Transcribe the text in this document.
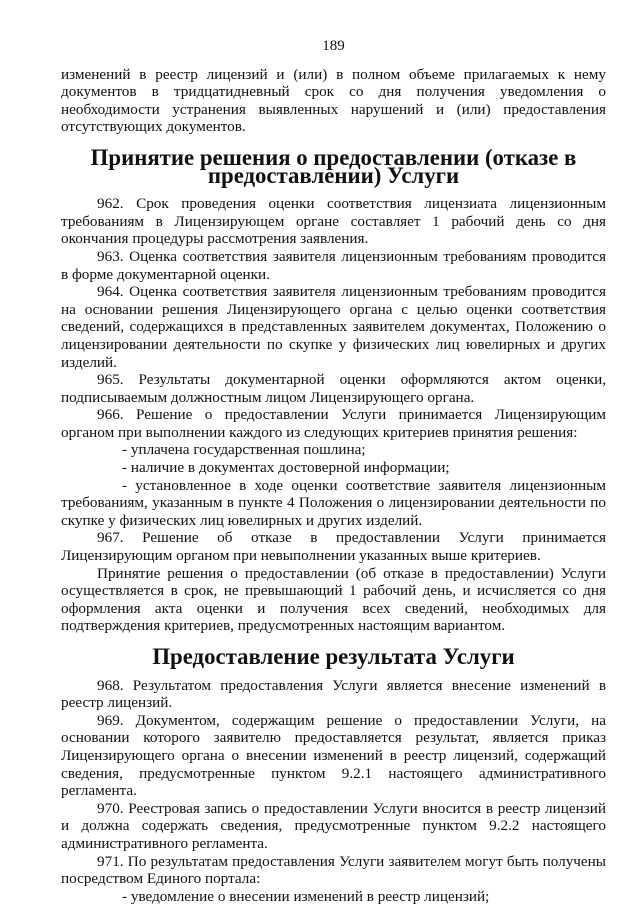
189

изменений в реестр лицензий и (или) в полном объеме прилагаемых к нему документов в тридцатидневный срок со дня получения уведомления о необходимости устранения выявленных нарушений и (или) предоставления отсутствующих документов.

Принятие решения о предоставлении (отказе в предоставлении) Услуги

962. Срок проведения оценки соответствия лицензиата лицензионным требованиям в Лицензирующем органе составляет 1 рабочий день со дня окончания процедуры рассмотрения заявления.

963. Оценка соответствия заявителя лицензионным требованиям проводится в форме документарной оценки.

964. Оценка соответствия заявителя лицензионным требованиям проводится на основании решения Лицензирующего органа с целью оценки соответствия сведений, содержащихся в представленных заявителем документах, Положению о лицензировании деятельности по скупке у физических лиц ювелирных и других изделий.

965. Результаты документарной оценки оформляются актом оценки, подписываемым должностным лицом Лицензирующего органа.

966. Решение о предоставлении Услуги принимается Лицензирующим органом при выполнении каждого из следующих критериев принятия решения:

- уплачена государственная пошлина;

- наличие в документах достоверной информации;

- установленное в ходе оценки соответствие заявителя лицензионным требованиям, указанным в пункте 4 Положения о лицензировании деятельности по скупке у физических лиц ювелирных и других изделий.

967. Решение об отказе в предоставлении Услуги принимается Лицензирующим органом при невыполнении указанных выше критериев.

Принятие решения о предоставлении (об отказе в предоставлении) Услуги осуществляется в срок, не превышающий 1 рабочий день, и исчисляется со дня оформления акта оценки и получения всех сведений, необходимых для подтверждения критериев, предусмотренных настоящим вариантом.

Предоставление результата Услуги

968. Результатом предоставления Услуги является внесение изменений в реестр лицензий.

969. Документом, содержащим решение о предоставлении Услуги, на основании которого заявителю предоставляется результат, является приказ Лицензирующего органа о внесении изменений в реестр лицензий, содержащий сведения, предусмотренные пунктом 9.2.1 настоящего административного регламента.

970. Реестровая запись о предоставлении Услуги вносится в реестр лицензий и должна содержать сведения, предусмотренные пунктом 9.2.2 настоящего административного регламента.

971. По результатам предоставления Услуги заявителем могут быть получены посредством Единого портала:

- уведомление о внесении изменений в реестр лицензий;
